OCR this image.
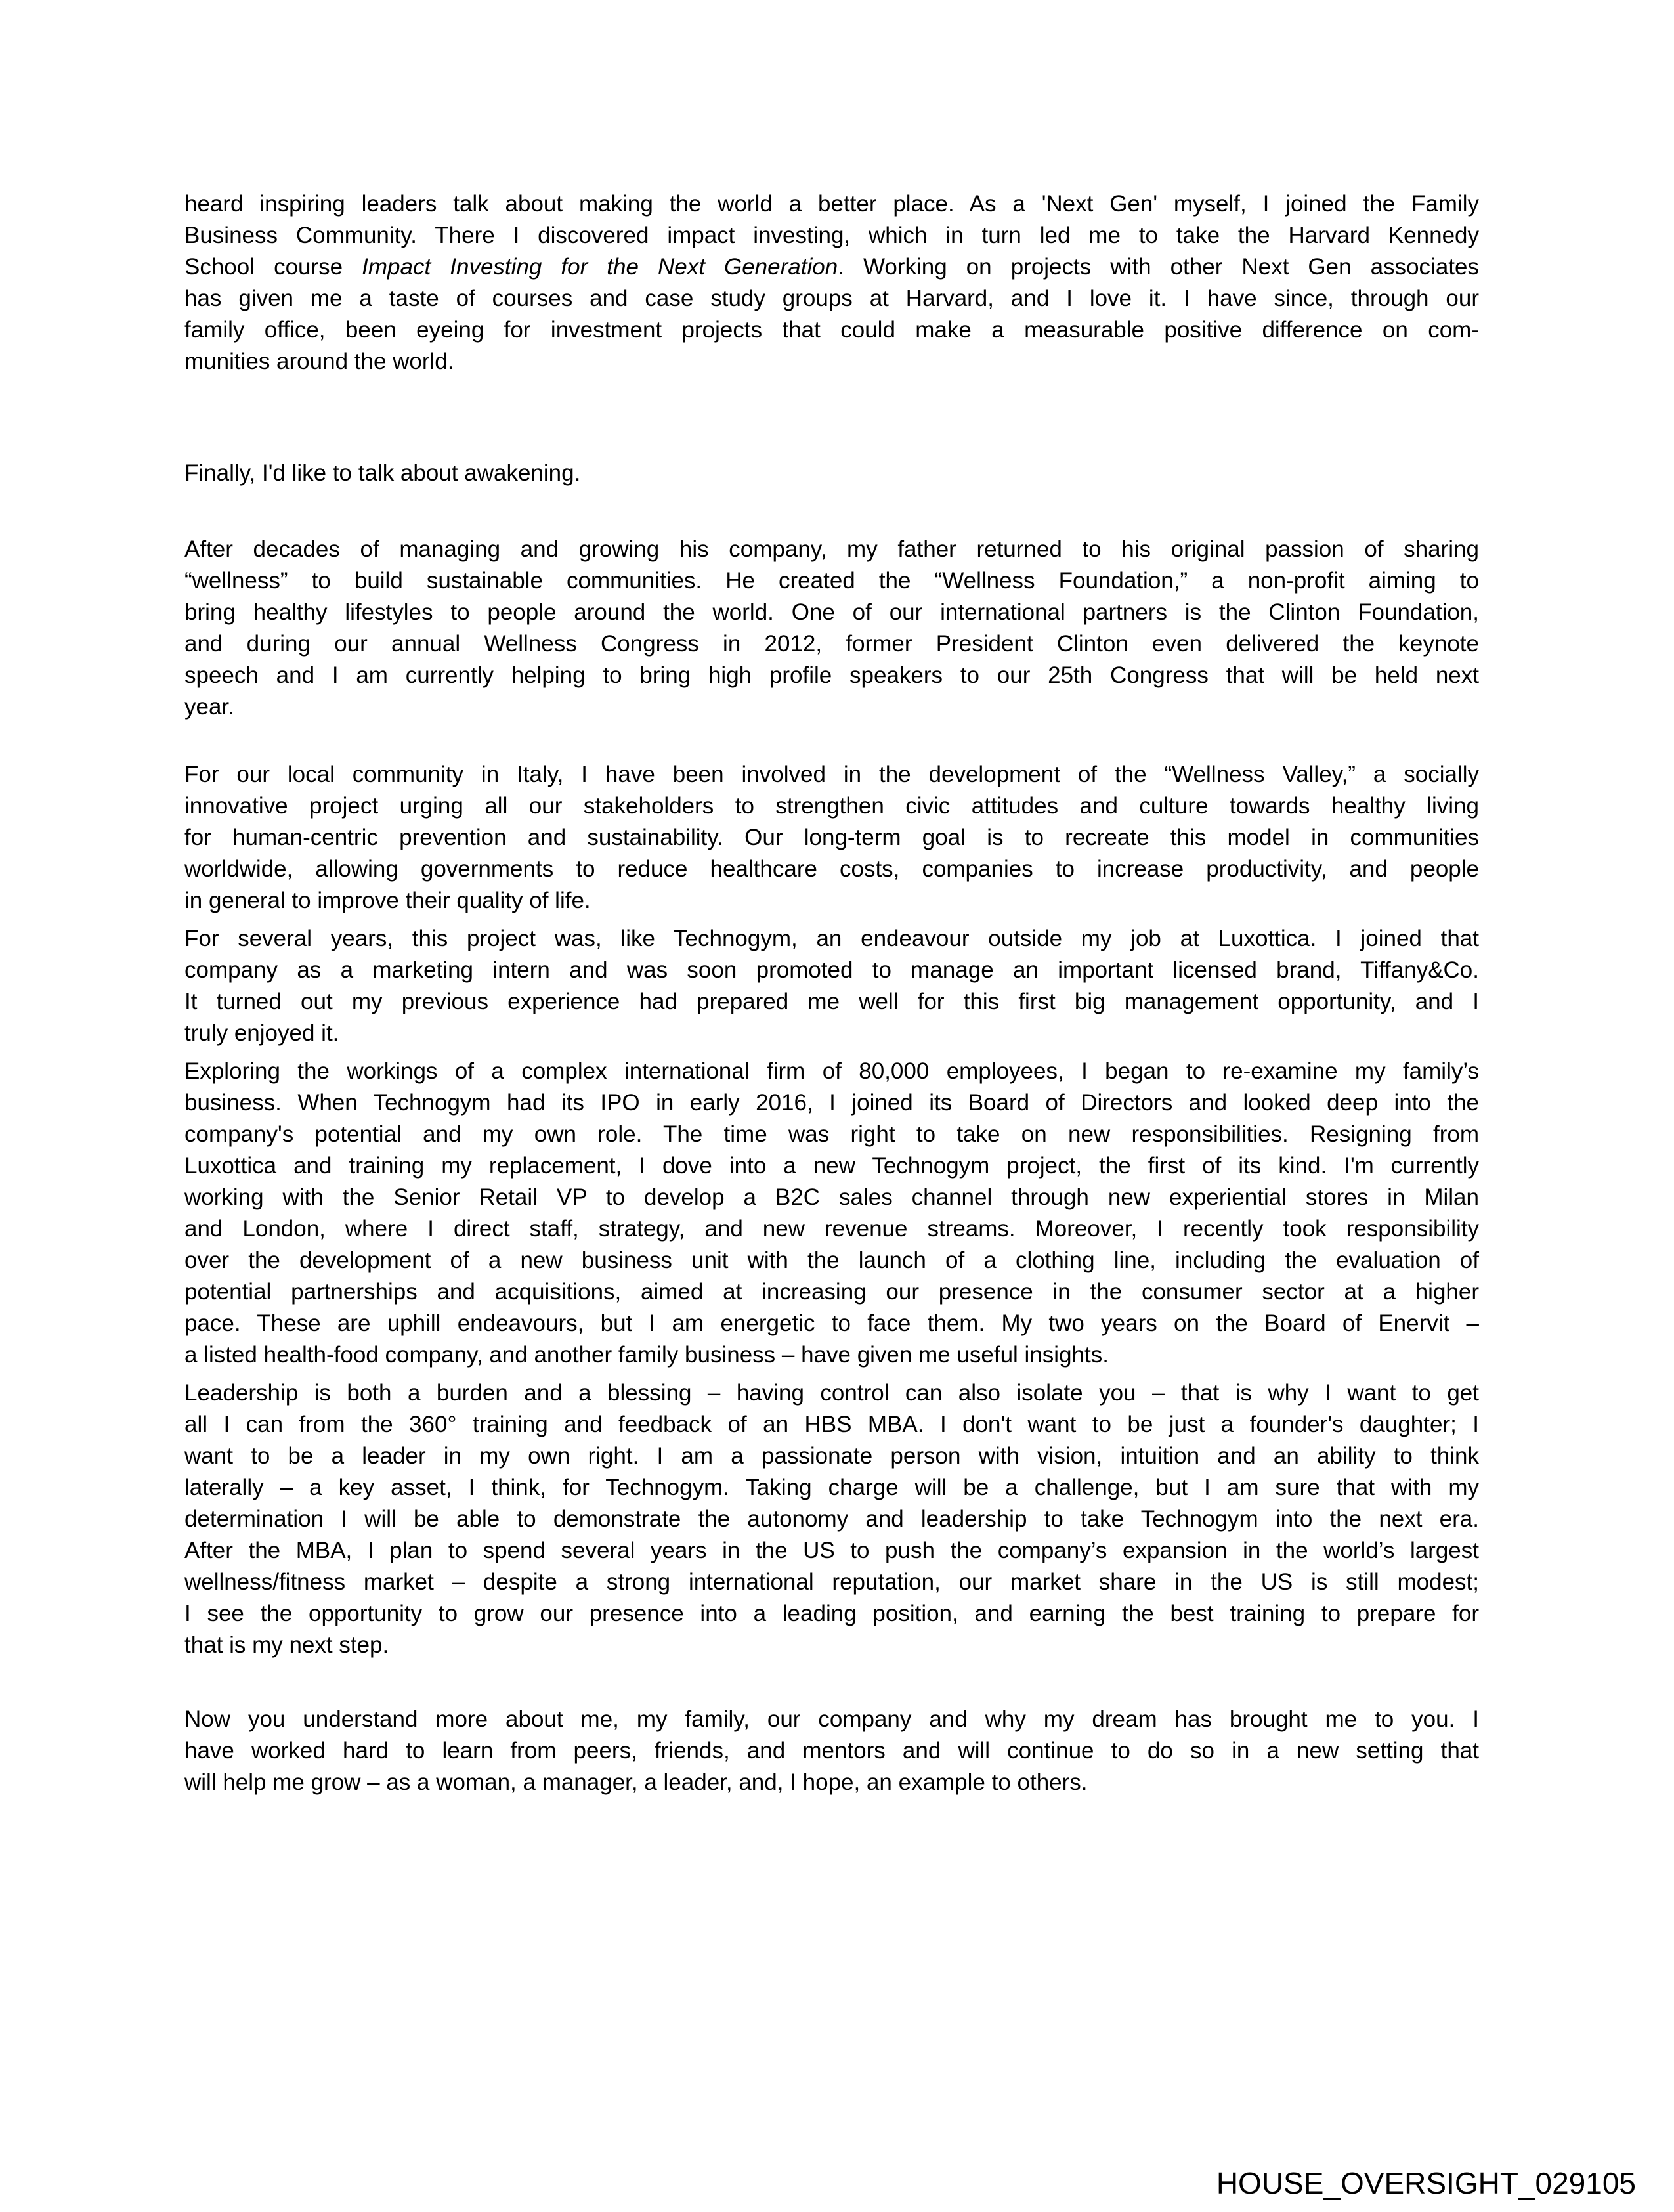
heard inspiring leaders talk about making the world a better place. As a 'Next Gen' myself, I joined the Family
Business Community. There I discovered impact investing, which in turn led me to take the Harvard Kennedy
School course Impact Investing for the Next Generation. Working on projects with other Next Gen associates
has given me a taste of courses and case study groups at Harvard, and I love it. I have since, through our
family office, been eyeing for investment projects that could make a measurable positive difference on com-
munities around the world.
Finally, I'd like to talk about awakening.
After decades of managing and growing his company, my father returned to his original passion of sharing
“wellness” to build sustainable communities. He created the “Wellness Foundation,” a non-profit aiming to
bring healthy lifestyles to people around the world. One of our international partners is the Clinton Foundation,
and during our annual Wellness Congress in 2012, former President Clinton even delivered the keynote
speech and I am currently helping to bring high profile speakers to our 25th Congress that will be held next
year.
For our local community in Italy, I have been involved in the development of the “Wellness Valley,” a socially
innovative project urging all our stakeholders to strengthen civic attitudes and culture towards healthy living
for human-centric prevention and sustainability. Our long-term goal is to recreate this model in communities
worldwide, allowing governments to reduce healthcare costs, companies to increase productivity, and people
in general to improve their quality of life.
For several years, this project was, like Technogym, an endeavour outside my job at Luxottica. I joined that
company as a marketing intern and was soon promoted to manage an important licensed brand, Tiffany&Co.
It turned out my previous experience had prepared me well for this first big management opportunity, and I
truly enjoyed it.
Exploring the workings of a complex international firm of 80,000 employees, I began to re-examine my family’s
business. When Technogym had its IPO in early 2016, I joined its Board of Directors and looked deep into the
company's potential and my own role. The time was right to take on new responsibilities. Resigning from
Luxottica and training my replacement, I dove into a new Technogym project, the first of its kind. I'm currently
working with the Senior Retail VP to develop a B2C sales channel through new experiential stores in Milan
and London, where I direct staff, strategy, and new revenue streams. Moreover, I recently took responsibility
over the development of a new business unit with the launch of a clothing line, including the evaluation of
potential partnerships and acquisitions, aimed at increasing our presence in the consumer sector at a higher
pace. These are uphill endeavours, but I am energetic to face them. My two years on the Board of Enervit –
a listed health-food company, and another family business – have given me useful insights.
Leadership is both a burden and a blessing – having control can also isolate you – that is why I want to get
all I can from the 360° training and feedback of an HBS MBA. I don't want to be just a founder's daughter; I
want to be a leader in my own right. I am a passionate person with vision, intuition and an ability to think
laterally – a key asset, I think, for Technogym. Taking charge will be a challenge, but I am sure that with my
determination I will be able to demonstrate the autonomy and leadership to take Technogym into the next era.
After the MBA, I plan to spend several years in the US to push the company’s expansion in the world’s largest
wellness/fitness market – despite a strong international reputation, our market share in the US is still modest;
I see the opportunity to grow our presence into a leading position, and earning the best training to prepare for
that is my next step.
Now you understand more about me, my family, our company and why my dream has brought me to you. I
have worked hard to learn from peers, friends, and mentors and will continue to do so in a new setting that
will help me grow – as a woman, a manager, a leader, and, I hope, an example to others.
HOUSE_OVERSIGHT_029105
